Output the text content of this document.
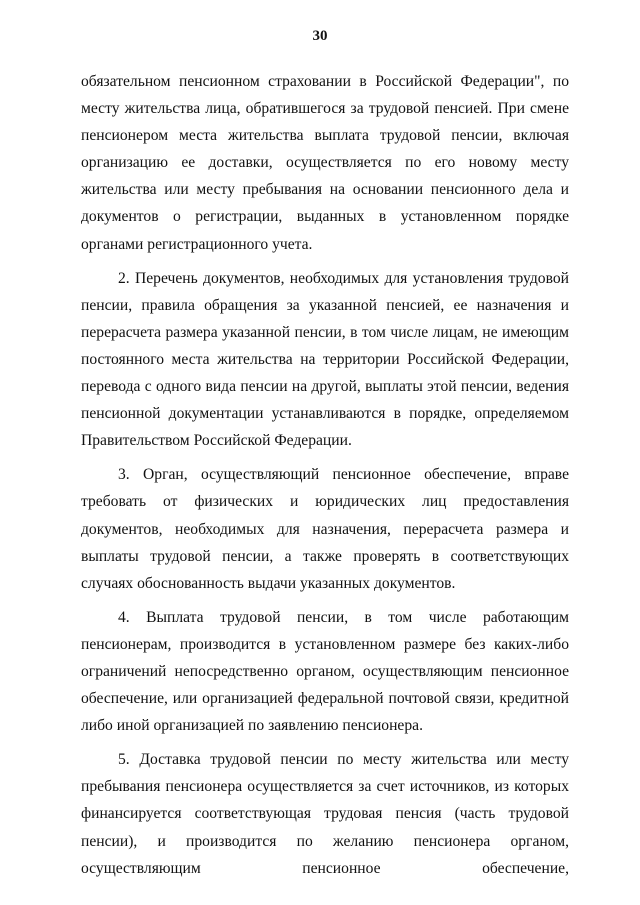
30

обязательном пенсионном страховании в Российской Федерации", по месту жительства лица, обратившегося за трудовой пенсией. При смене пенсионером места жительства выплата трудовой пенсии, включая организацию ее доставки, осуществляется по его новому месту жительства или месту пребывания на основании пенсионного дела и документов о регистрации, выданных в установленном порядке органами регистрационного учета.

2. Перечень документов, необходимых для установления трудовой пенсии, правила обращения за указанной пенсией, ее назначения и перерасчета размера указанной пенсии, в том числе лицам, не имеющим постоянного места жительства на территории Российской Федерации, перевода с одного вида пенсии на другой, выплаты этой пенсии, ведения пенсионной документации устанавливаются в порядке, определяемом Правительством Российской Федерации.

3. Орган, осуществляющий пенсионное обеспечение, вправе требовать от физических и юридических лиц предоставления документов, необходимых для назначения, перерасчета размера и выплаты трудовой пенсии, а также проверять в соответствующих случаях обоснованность выдачи указанных документов.

4. Выплата трудовой пенсии, в том числе работающим пенсионерам, производится в установленном размере без каких-либо ограничений непосредственно органом, осуществляющим пенсионное обеспечение, или организацией федеральной почтовой связи, кредитной либо иной организацией по заявлению пенсионера.

5. Доставка трудовой пенсии по месту жительства или месту пребывания пенсионера осуществляется за счет источников, из которых финансируется соответствующая трудовая пенсия (часть трудовой пенсии), и производится по желанию пенсионера органом, осуществляющим пенсионное обеспечение,
